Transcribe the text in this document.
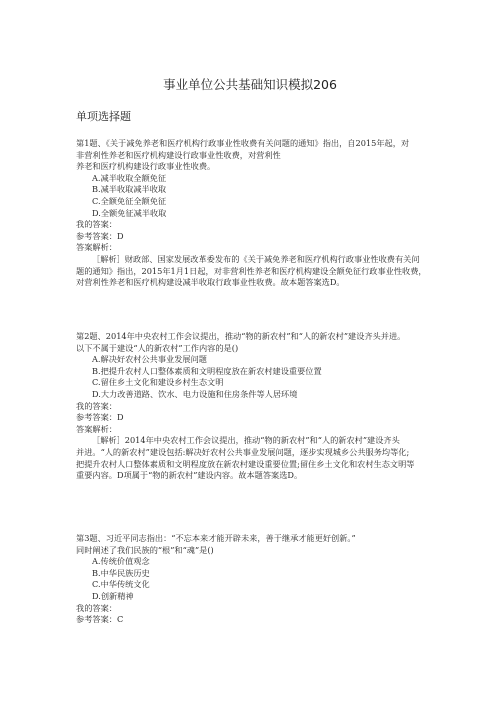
事业单位公共基础知识模拟206
单项选择题
第1题、《关于减免养老和医疗机构行政事业性收费有关问题的通知》指出，自2015年起，对
非营利性养老和医疗机构建设行政事业性收费，对营利性
养老和医疗机构建设行政事业性收费。
A.减半收取全额免征
B.减半收取减半收取
C.全额免征全额免征
D.全额免征减半收取
我的答案：
参考答案：D
答案解析：
［解析］财政部、国家发展改革委发布的《关于减免养老和医疗机构行政事业性收费有关问
题的通知》指出，2015年1月1日起，对非营利性养老和医疗机构建设全额免征行政事业性收费，
对营利性养老和医疗机构建设减半收取行政事业性收费。故本题答案选D。
第2题、2014年中央农村工作会议提出，推动“物的新农村”和“人的新农村”建设齐头并进。
以下不属于建设“人的新农村”工作内容的是()
A.解决好农村公共事业发展问题
B.把提升农村人口整体素质和文明程度放在新农村建设重要位置
C.留住乡土文化和建设乡村生态文明
D.大力改善道路、饮水、电力设施和住房条件等人居环境
我的答案：
参考答案：D
答案解析：
［解析］2014年中央农村工作会议提出，推动“物的新农村”和“人的新农村”建设齐头
并进。“人的新农村”建设包括:解决好农村公共事业发展问题，逐步实现城乡公共服务均等化;
把提升农村人口整体素质和文明程度放在新农村建设重要位置;留住乡土文化和农村生态文明等
重要内容。D项属于“物的新农村”建设内容。故本题答案选D。
第3题、习近平同志指出：“不忘本来才能开辟未来，善于继承才能更好创新。”
同时阐述了我们民族的“根”和“魂”是()
A.传统价值观念
B.中华民族历史
C.中华传统文化
D.创新精神
我的答案：
参考答案：C
